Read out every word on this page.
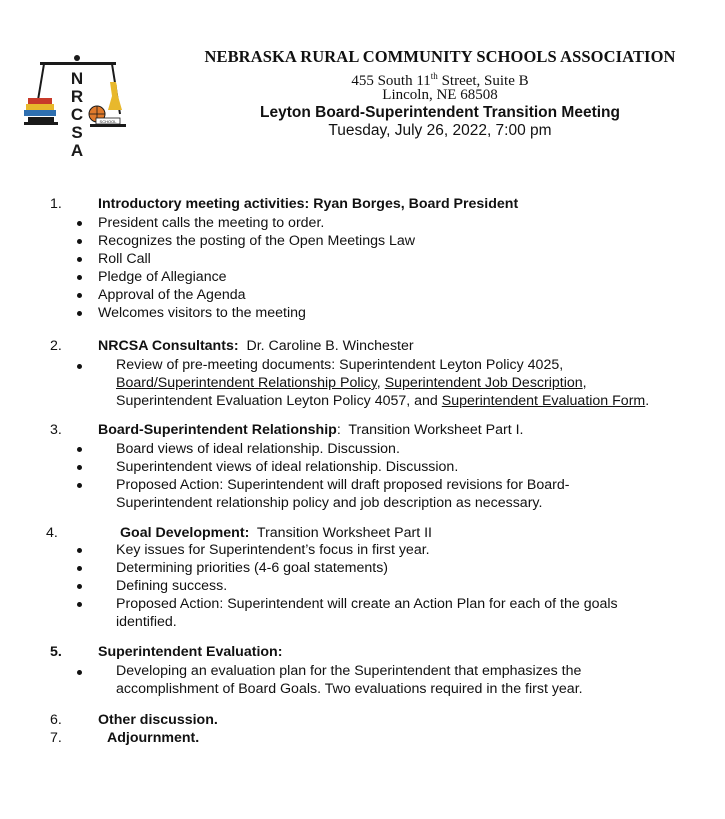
N
R
C
S
A
SCHOOL
NEBRASKA RURAL COMMUNITY SCHOOLS ASSOCIATION
455 South 11th Street, Suite B
Lincoln, NE 68508
Leyton Board-Superintendent Transition Meeting
Tuesday, July 26, 2022, 7:00 pm
1.	Introductory meeting activities: Ryan Borges, Board President
President calls the meeting to order.
Recognizes the posting of the Open Meetings Law
Roll Call
Pledge of Allegiance
Approval of the Agenda
Welcomes visitors to the meeting
2.	NRCSA Consultants:  Dr. Caroline B. Winchester
Review of pre-meeting documents: Superintendent Leyton Policy 4025,
Board/Superintendent Relationship Policy, Superintendent Job Description,
Superintendent Evaluation Leyton Policy 4057, and Superintendent Evaluation Form.
3.	Board-Superintendent Relationship:  Transition Worksheet Part I.
Board views of ideal relationship. Discussion.
Superintendent views of ideal relationship. Discussion.
Proposed Action: Superintendent will draft proposed revisions for Board-
Superintendent relationship policy and job description as necessary.
4.	Goal Development:  Transition Worksheet Part II
Key issues for Superintendent’s focus in first year.
Determining priorities (4-6 goal statements)
Defining success.
Proposed Action: Superintendent will create an Action Plan for each of the goals
identified.
5.	Superintendent Evaluation:
Developing an evaluation plan for the Superintendent that emphasizes the
accomplishment of Board Goals. Two evaluations required in the first year.
6.	Other discussion.
7.	Adjournment.
